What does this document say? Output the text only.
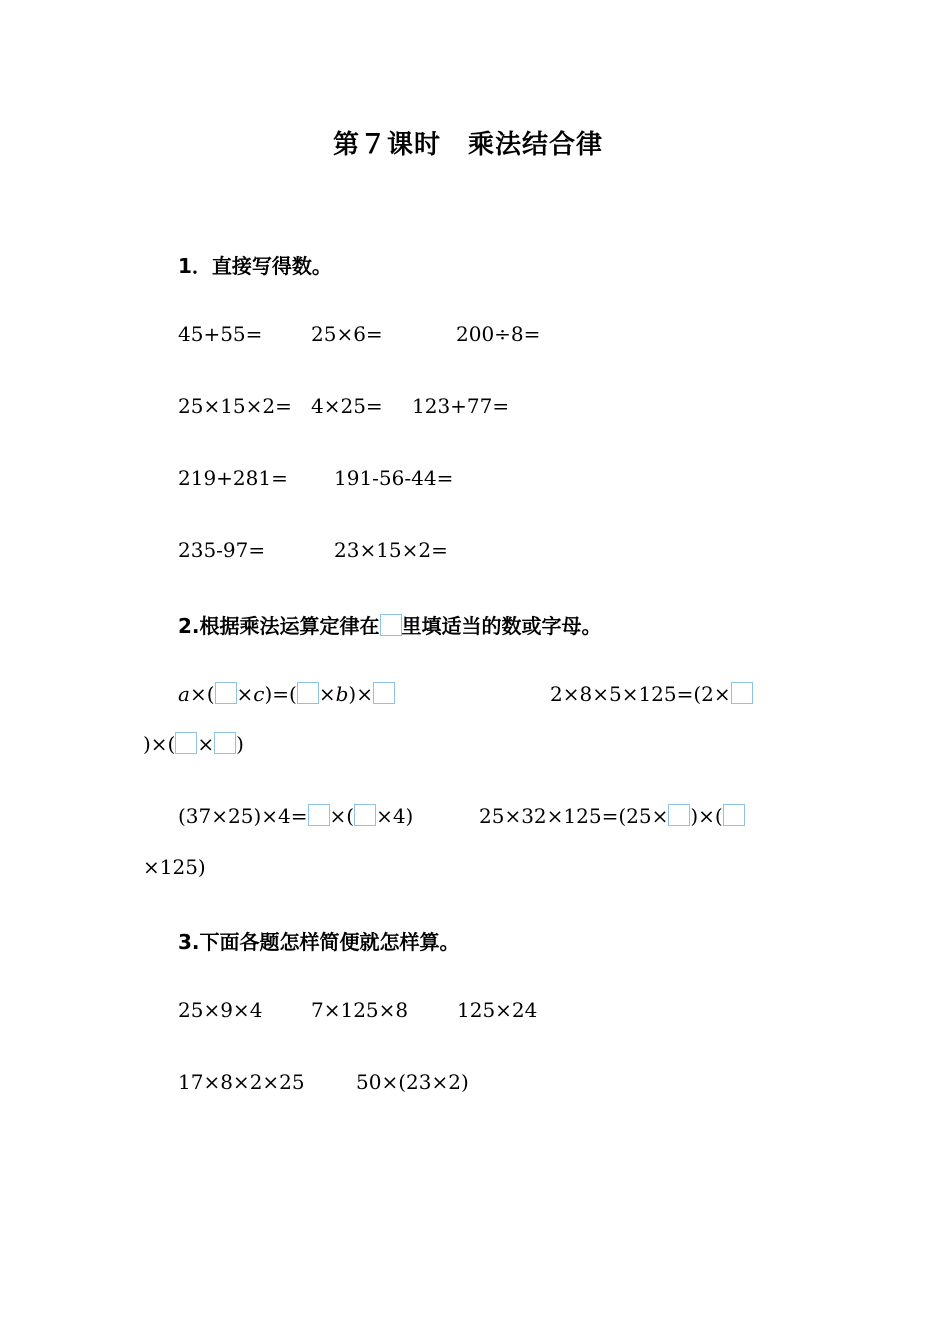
第７课时　乘法结合律
1．直接写得数。
45+55= 25×6=	200÷8=
25×15×2= 4×25= 123+77=
219+281= 191-56-44=
235-97=	23×15×2=
2.根据乘法运算定律在 里填适当的数或字母。
a×( ×c)=( ×b)×	2×8×5×125=(2×
)×( × )
(37×25)×4= ×( ×4)	25×32×125=(25× )×(
×125)
3.下面各题怎样简便就怎样算。
25×9×4 7×125×8 125×24
17×8×2×25	50×(23×2)
